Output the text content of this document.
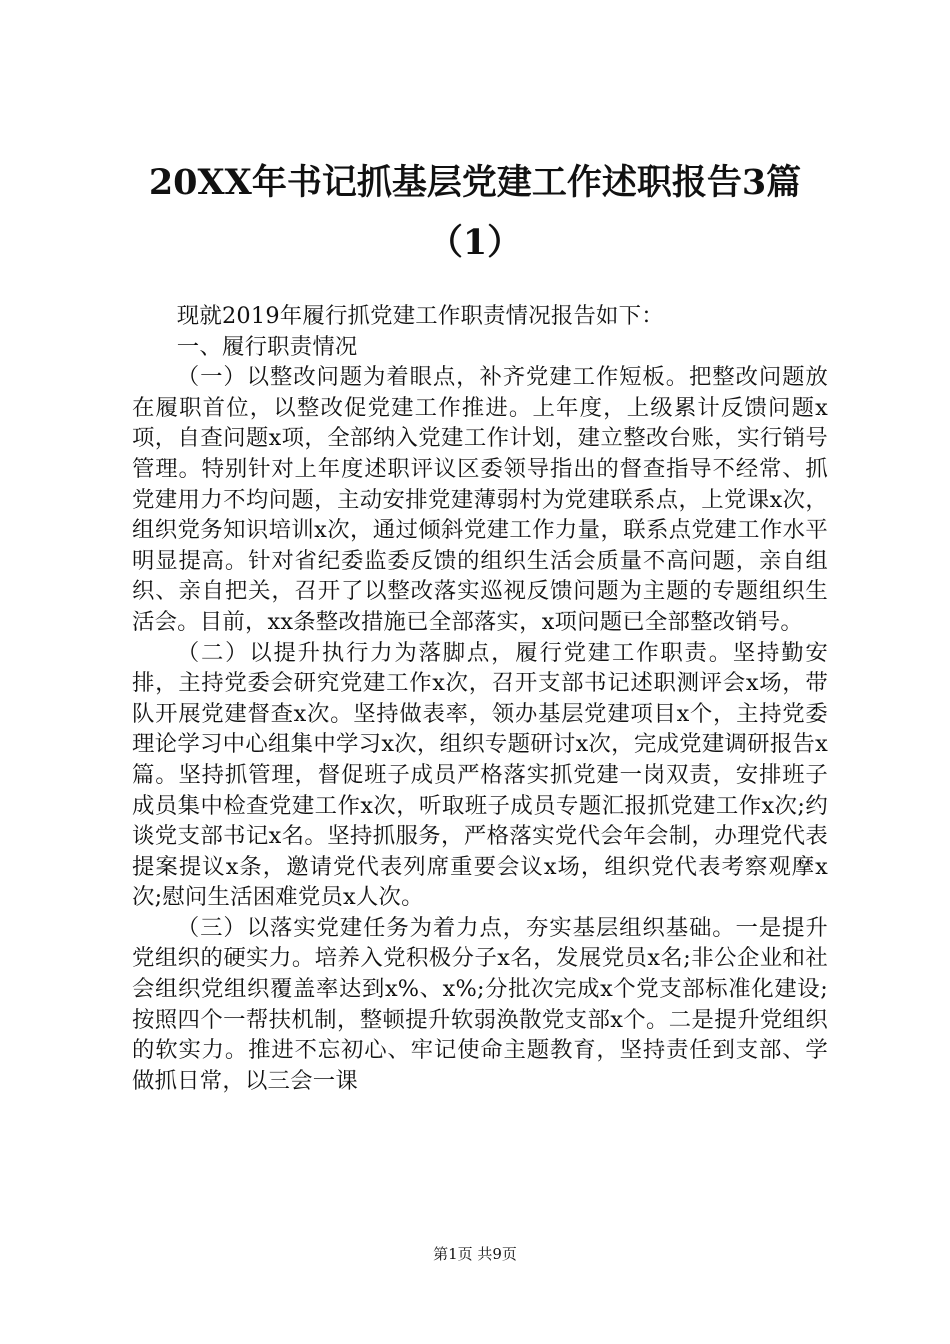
20XX年书记抓基层党建工作述职报告3篇
（1）

现就2019年履行抓党建工作职责情况报告如下：

一、履行职责情况

（一）以整改问题为着眼点，补齐党建工作短板。把整改问题放在履职首位，以整改促党建工作推进。上年度，上级累计反馈问题x项，自查问题x项，全部纳入党建工作计划，建立整改台账，实行销号管理。特别针对上年度述职评议区委领导指出的督查指导不经常、抓党建用力不均问题，主动安排党建薄弱村为党建联系点，上党课x次，组织党务知识培训x次，通过倾斜党建工作力量，联系点党建工作水平明显提高。针对省纪委监委反馈的组织生活会质量不高问题，亲自组织、亲自把关，召开了以整改落实巡视反馈问题为主题的专题组织生活会。目前，xx条整改措施已全部落实，x项问题已全部整改销号。

（二）以提升执行力为落脚点，履行党建工作职责。坚持勤安排，主持党委会研究党建工作x次，召开支部书记述职测评会x场，带队开展党建督查x次。坚持做表率，领办基层党建项目x个，主持党委理论学习中心组集中学习x次，组织专题研讨x次，完成党建调研报告x篇。坚持抓管理，督促班子成员严格落实抓党建一岗双责，安排班子成员集中检查党建工作x次，听取班子成员专题汇报抓党建工作x次;约谈党支部书记x名。坚持抓服务，严格落实党代会年会制，办理党代表提案提议x条，邀请党代表列席重要会议x场，组织党代表考察观摩x次;慰问生活困难党员x人次。

（三）以落实党建任务为着力点，夯实基层组织基础。一是提升党组织的硬实力。培养入党积极分子x名，发展党员x名;非公企业和社会组织党组织覆盖率达到x%、x%;分批次完成x个党支部标准化建设;按照四个一帮扶机制，整顿提升软弱涣散党支部x个。二是提升党组织的软实力。推进不忘初心、牢记使命主题教育，坚持责任到支部、学做抓日常，以三会一课

第1页 共9页
